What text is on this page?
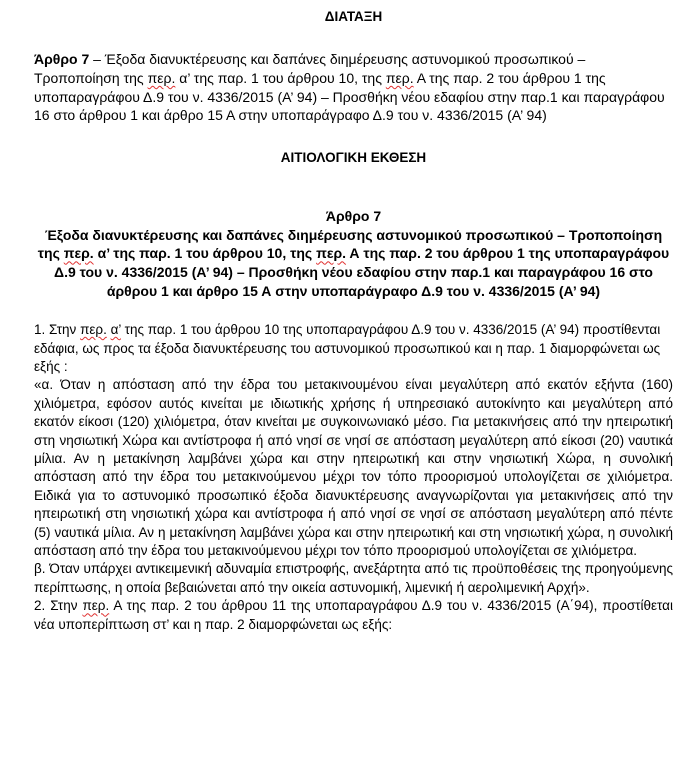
ΔΙΑΤΑΞΗ

Άρθρο 7 – Έξοδα διανυκτέρευσης και δαπάνες διημέρευσης αστυνομικού προσωπικού – Τροποποίηση της περ. α’ της παρ. 1 του άρθρου 10, της περ. Α της παρ. 2 του άρθρου 1 της υποπαραγράφου Δ.9 του ν. 4336/2015 (Α’ 94) – Προσθήκη νέου εδαφίου στην παρ.1 και παραγράφου 16 στο άρθρου 1 και άρθρο 15 Α στην υποπαράγραφο Δ.9 του ν. 4336/2015 (Α’ 94)

ΑΙΤΙΟΛΟΓΙΚΗ ΕΚΘΕΣΗ

Άρθρο 7
Έξοδα διανυκτέρευσης και δαπάνες διημέρευσης αστυνομικού προσωπικού – Τροποποίηση της περ. α’ της παρ. 1 του άρθρου 10, της περ. Α της παρ. 2 του άρθρου 1 της υποπαραγράφου Δ.9 του ν. 4336/2015 (Α’ 94) – Προσθήκη νέου εδαφίου στην παρ.1 και παραγράφου 16 στο άρθρου 1 και άρθρο 15 Α στην υποπαράγραφο Δ.9 του ν. 4336/2015 (Α’ 94)

1. Στην περ. α’ της παρ. 1 του άρθρου 10 της υποπαραγράφου Δ.9 του ν. 4336/2015 (Α’ 94) προστίθενται εδάφια, ως προς τα έξοδα διανυκτέρευσης του αστυνομικού προσωπικού και η παρ. 1 διαμορφώνεται ως εξής :

«α. Όταν η απόσταση από την έδρα του μετακινουμένου είναι μεγαλύτερη από εκατόν εξήντα (160) χιλιόμετρα, εφόσον αυτός κινείται με ιδιωτικής χρήσης ή υπηρεσιακό αυτοκίνητο και μεγαλύτερη από εκατόν είκοσι (120) χιλιόμετρα, όταν κινείται με συγκοινωνιακό μέσο. Για μετακινήσεις από την ηπειρωτική στη νησιωτική Χώρα και αντίστροφα ή από νησί σε νησί σε απόσταση μεγαλύτερη από είκοσι (20) ναυτικά μίλια. Αν η μετακίνηση λαμβάνει χώρα και στην ηπειρωτική και στην νησιωτική Χώρα, η συνολική απόσταση από την έδρα του μετακινούμενου μέχρι τον τόπο προορισμού υπολογίζεται σε χιλιόμετρα. Ειδικά για το αστυνομικό προσωπικό έξοδα διανυκτέρευσης αναγνωρίζονται για μετακινήσεις από την ηπειρωτική στη νησιωτική χώρα και αντίστροφα ή από νησί σε νησί σε απόσταση μεγαλύτερη από πέντε (5) ναυτικά μίλια. Αν η μετακίνηση λαμβάνει χώρα και στην ηπειρωτική και στη νησιωτική χώρα, η συνολική απόσταση από την έδρα του μετακινούμενου μέχρι τον τόπο προορισμού υπολογίζεται σε χιλιόμετρα.

β. Όταν υπάρχει αντικειμενική αδυναμία επιστροφής, ανεξάρτητα από τις προϋποθέσεις της προηγούμενης περίπτωσης, η οποία βεβαιώνεται από την οικεία αστυνομική, λιμενική ή αερολιμενική Αρχή».

2. Στην περ. Α της παρ. 2 του άρθρου 11 της υποπαραγράφου Δ.9 του ν. 4336/2015 (Α΄94), προστίθεται νέα υποπερίπτωση στ’ και η παρ. 2 διαμορφώνεται ως εξής:
